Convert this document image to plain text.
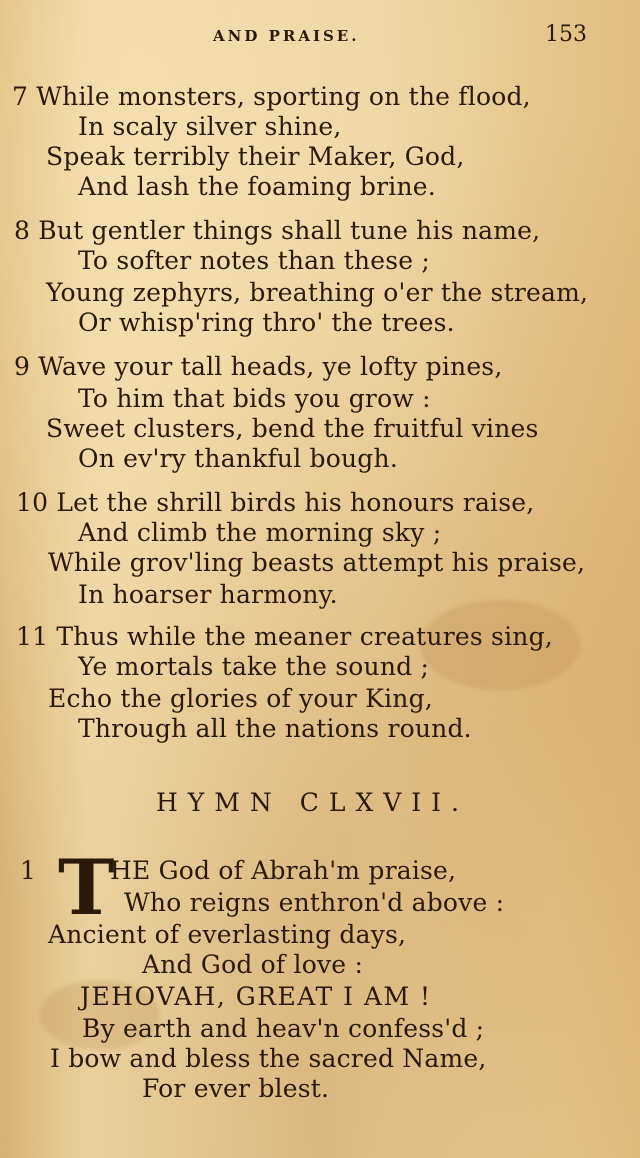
AND PRAISE.	153
7 While monsters, sporting on the flood,
In scaly silver shine,
Speak terribly their Maker, God,
And lash the foaming brine.
8 But gentler things shall tune his name,
To softer notes than these ;
Young zephyrs, breathing o'er the stream,
Or whisp'ring thro' the trees.
9 Wave your tall heads, ye lofty pines,
To him that bids you grow :
Sweet clusters, bend the fruitful vines
On ev'ry thankful bough.
10 Let the shrill birds his honours raise,
And climb the morning sky ;
While grov'ling beasts attempt his praise,
In hoarser harmony.
11 Thus while the meaner creatures sing,
Ye mortals take the sound ;
Echo the glories of your King,
Through all the nations round.
HYMN CLXVII.
1 T
HE God of Abrah'm praise,
Who reigns enthron'd above :
Ancient of everlasting days,
And God of love :
JEHOVAH, GREAT I AM !
By earth and heav'n confess'd ;
I bow and bless the sacred Name,
For ever blest.
